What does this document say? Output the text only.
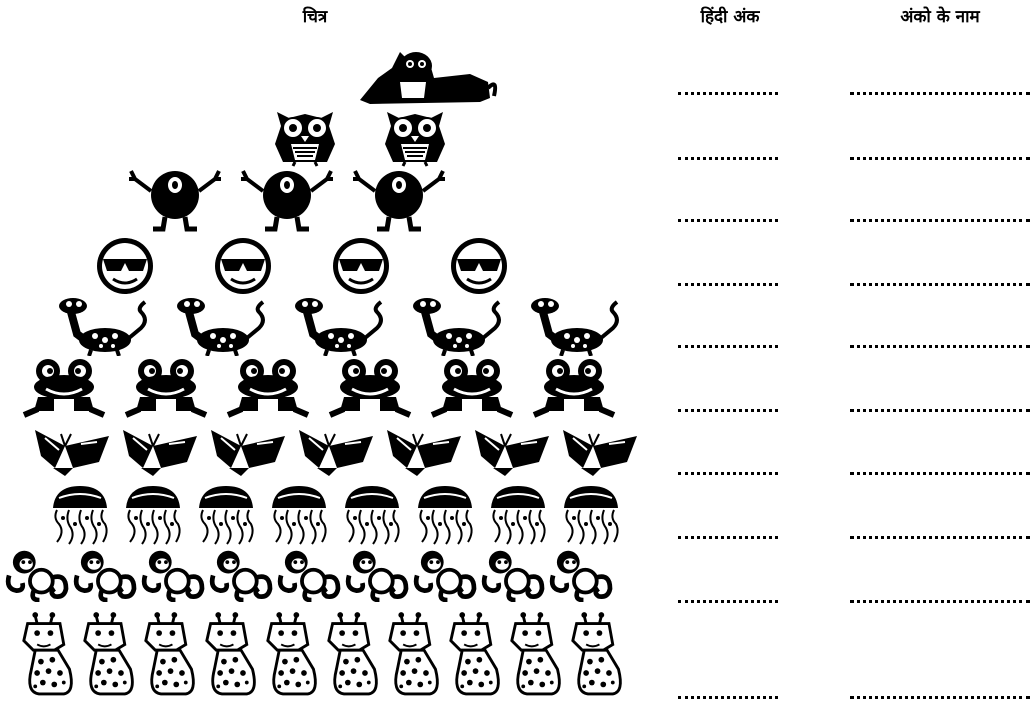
चित्र	हिंदी अंक	अंको के नाम
